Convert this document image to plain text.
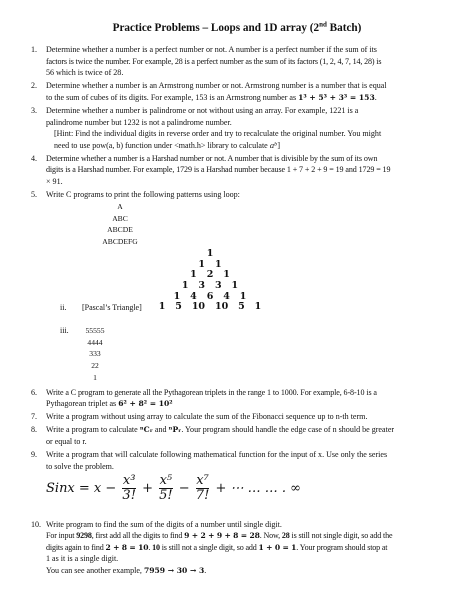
Practice Problems – Loops and 1D array (2nd Batch)
1. Determine whether a number is a perfect number or not. A number is a perfect number if the sum of its
factors is twice the number. For example, 28 is a perfect number as the sum of its factors (1, 2, 4, 7, 14, 28) is
56 which is twice of 28.
2. Determine whether a number is an Armstrong number or not. Armstrong number is a number that is equal
to the sum of cubes of its digits. For example, 153 is an Armstrong number as 1³ + 5³ + 3³ = 153.
3. Determine whether a number is palindrome or not without using an array. For example, 1221 is a
palindrome number but 1232 is not a palindrome number.
[Hint: Find the individual digits in reverse order and try to recalculate the original number. You might
need to use pow(a, b) function under <math.h> library to calculate aᵇ]
4. Determine whether a number is a Harshad number or not. A number that is divisible by the sum of its own
digits is a Harshad number. For example, 1729 is a Harshad number because 1 + 7 + 2 + 9 = 19 and 1729 = 19
× 91.
5. Write C programs to print the following patterns using loop:
A
ABC
ABCDE
ABCDEFG
1
1   1
1   2   1
1   3   3   1
1   4   6   4   1
1   5   10   10   5   1
ii. [Pascal’s Triangle]
iii.	55555
4444
333
22
1
6. Write a C program to generate all the Pythagorean triplets in the range 1 to 1000. For example, 6-8-10 is a
Pythagorean triplet as 6² + 8² = 10²
7. Write a program without using array to calculate the sum of the Fibonacci sequence up to n-th term.
8. Write a program to calculate ⁿCᵣ and ⁿPᵣ. Your program should handle the edge case of n should be greater
or equal to r.
9. Write a program that will calculate following mathematical function for the input of x. Use only the series
to solve the problem.
Sinx = $x - \frac{\text{x³}}{3!} + \frac{\text{x⁵}}{5!} - \frac{\text{x⁷}}{7!}$ + ⋯ … … . ∞
10. Write program to find the sum of the digits of a number until single digit.
For input 9298, first add all the digits to find 9 + 2 + 9 + 8 = 28. Now, 28 is still not single digit, so add the
digits again to find 2 + 8 = 10. 10 is still not a single digit, so add 1 + 0 = 1. Your program should stop at
1 as it is a single digit.
You can see another example, 7959 → 30 → 3.
